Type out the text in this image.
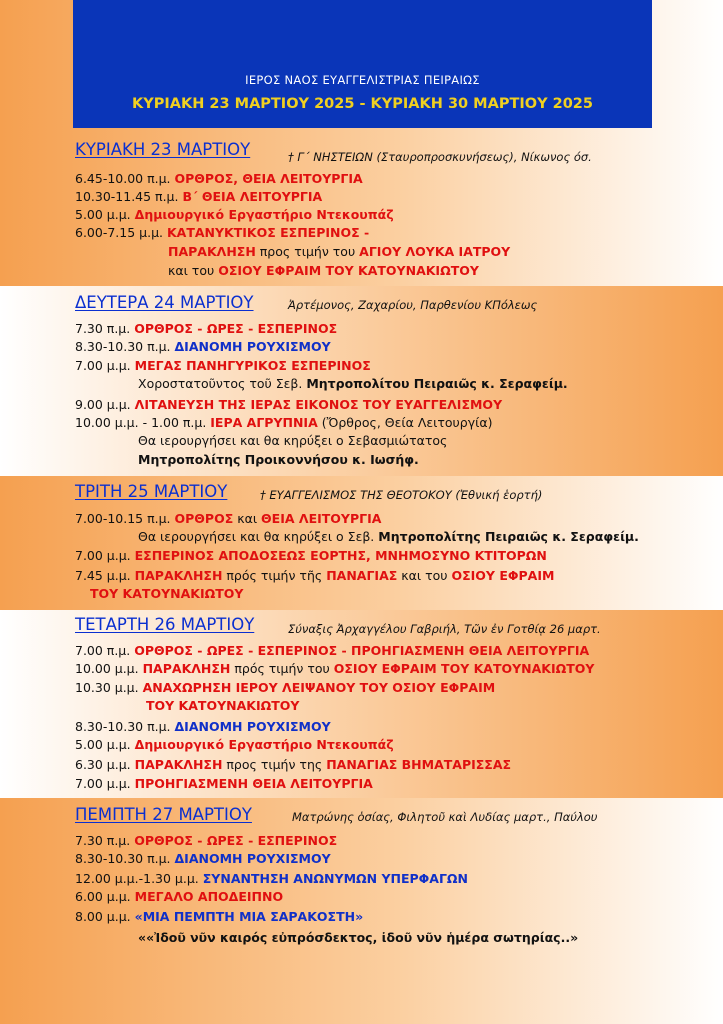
ΙΕΡΟΣ ΝΑΟΣ ΕΥΑΓΓΕΛΙΣΤΡΙΑΣ ΠΕΙΡΑΙΩΣ
ΚΥΡΙΑΚΗ 23 ΜΑΡΤΙΟΥ 2025 - ΚΥΡΙΑΚΗ 30 ΜΑΡΤΙΟΥ 2025
ΚΥΡΙΑΚΗ 23 ΜΑΡΤΙΟΥ	† Γ΄ ΝΗΣΤΕΙΩΝ (Σταυροπροσκυνήσεως), Νίκωνος όσ.
6.45-10.00 π.μ. ΟΡΘΡΟΣ, ΘΕΙΑ ΛΕΙΤΟΥΡΓΙΑ
10.30-11.45 π.μ. Β΄ ΘΕΙΑ ΛΕΙΤΟΥΡΓΙΑ
5.00 μ.μ. Δημιουργικό Εργαστήριο Ντεκουπάζ
6.00-7.15 μ.μ. ΚΑΤΑΝΥΚΤΙΚΟΣ ΕΣΠΕΡΙΝΟΣ -
ΠΑΡΑΚΛΗΣΗ προς τιμήν του ΑΓΙΟΥ ΛΟΥΚΑ ΙΑΤΡΟΥ
και του ΟΣΙΟΥ ΕΦΡΑΙΜ ΤΟΥ ΚΑΤΟΥΝΑΚΙΩΤΟΥ
ΔΕΥΤΕΡΑ 24 ΜΑΡΤΙΟΥ	Ἀρτέμονος, Ζαχαρίου, Παρθενίου ΚΠόλεως
7.30 π.μ. ΟΡΘΡΟΣ - ΩΡΕΣ - ΕΣΠΕΡΙΝΟΣ
8.30-10.30 π.μ. ΔΙΑΝΟΜΗ ΡΟΥΧΙΣΜΟΥ
7.00 μ.μ. ΜΕΓΑΣ ΠΑΝΗΓΥΡΙΚΟΣ ΕΣΠΕΡΙΝΟΣ
Χοροστατοῦντος τοῦ Σεβ. Μητροπολίτου Πειραιῶς κ. Σεραφείμ.
9.00 μ.μ. ΛΙΤΑΝΕΥΣΗ ΤΗΣ ΙΕΡΑΣ ΕΙΚΟΝΟΣ ΤΟΥ ΕΥΑΓΓΕΛΙΣΜΟΥ
10.00 μ.μ. - 1.00 π.μ. ΙΕΡΑ ΑΓΡΥΠΝΙΑ (Ὄρθρος, Θεία Λειτουργία)
Θα ιερουργήσει και θα κηρύξει ο Σεβασμιώτατος
Μητροπολίτης Προικοννήσου κ. Ιωσήφ.
ΤΡΙΤΗ 25 ΜΑΡΤΙΟΥ	† ΕΥΑΓΓΕΛΙΣΜΟΣ ΤΗΣ ΘΕΟΤΟΚΟΥ (Ἐθνική ἑορτή)
7.00-10.15 π.μ. ΟΡΘΡΟΣ και ΘΕΙΑ ΛΕΙΤΟΥΡΓΙΑ
Θα ιερουργήσει και θα κηρύξει ο Σεβ. Μητροπολίτης Πειραιῶς κ. Σεραφείμ.
7.00 μ.μ. ΕΣΠΕΡΙΝΟΣ ΑΠΟΔΟΣΕΩΣ ΕΟΡΤΗΣ, ΜΝΗΜΟΣΥΝΟ ΚΤΙΤΟΡΩΝ
7.45 μ.μ. ΠΑΡΑΚΛΗΣΗ πρός τιμήν τῆς ΠΑΝΑΓΙΑΣ και του ΟΣΙΟΥ ΕΦΡΑΙΜ
ΤΟΥ ΚΑΤΟΥΝΑΚΙΩΤΟΥ
ΤΕΤΑΡΤΗ 26 ΜΑΡΤΙΟΥ	Σύναξις Ἀρχαγγέλου Γαβριήλ, Τῶν ἐν Γοτθίᾳ 26 μαρτ.
7.00 π.μ. ΟΡΘΡΟΣ - ΩΡΕΣ - ΕΣΠΕΡΙΝΟΣ - ΠΡΟΗΓΙΑΣΜΕΝΗ ΘΕΙΑ ΛΕΙΤΟΥΡΓΙΑ
10.00 μ.μ. ΠΑΡΑΚΛΗΣΗ πρός τιμήν του ΟΣΙΟΥ ΕΦΡΑΙΜ ΤΟΥ ΚΑΤΟΥΝΑΚΙΩΤΟΥ
10.30 μ.μ. ΑΝΑΧΩΡΗΣΗ ΙΕΡΟΥ ΛΕΙΨΑΝΟΥ ΤΟΥ ΟΣΙΟΥ ΕΦΡΑΙΜ
ΤΟΥ ΚΑΤΟΥΝΑΚΙΩΤΟΥ
8.30-10.30 π.μ. ΔΙΑΝΟΜΗ ΡΟΥΧΙΣΜΟΥ
5.00 μ.μ. Δημιουργικό Εργαστήριο Ντεκουπάζ
6.30 μ.μ. ΠΑΡΑΚΛΗΣΗ προς τιμήν της ΠΑΝΑΓΙΑΣ ΒΗΜΑΤΑΡΙΣΣΑΣ
7.00 μ.μ. ΠΡΟΗΓΙΑΣΜΕΝΗ ΘΕΙΑ ΛΕΙΤΟΥΡΓΙΑ
ΠΕΜΠΤΗ 27 ΜΑΡΤΙΟΥ	Ματρώνης ὁσίας, Φιλητοῦ καὶ Λυδίας μαρτ., Παύλου
7.30 π.μ. ΟΡΘΡΟΣ - ΩΡΕΣ - ΕΣΠΕΡΙΝΟΣ
8.30-10.30 π.μ. ΔΙΑΝΟΜΗ ΡΟΥΧΙΣΜΟΥ
12.00 μ.μ.-1.30 μ.μ. ΣΥΝΑΝΤΗΣΗ ΑΝΩΝΥΜΩΝ ΥΠΕΡΦΑΓΩΝ
6.00 μ.μ. ΜΕΓΑΛΟ ΑΠΟΔΕΙΠΝΟ
8.00 μ.μ. «ΜΙΑ ΠΕΜΠΤΗ ΜΙΑ ΣΑΡΑΚΟΣΤΗ»
««Ἰδοῦ νῦν καιρός εὐπρόσδεκτος, ἰδοῦ νῦν ἡμέρα σωτηρίας..»
